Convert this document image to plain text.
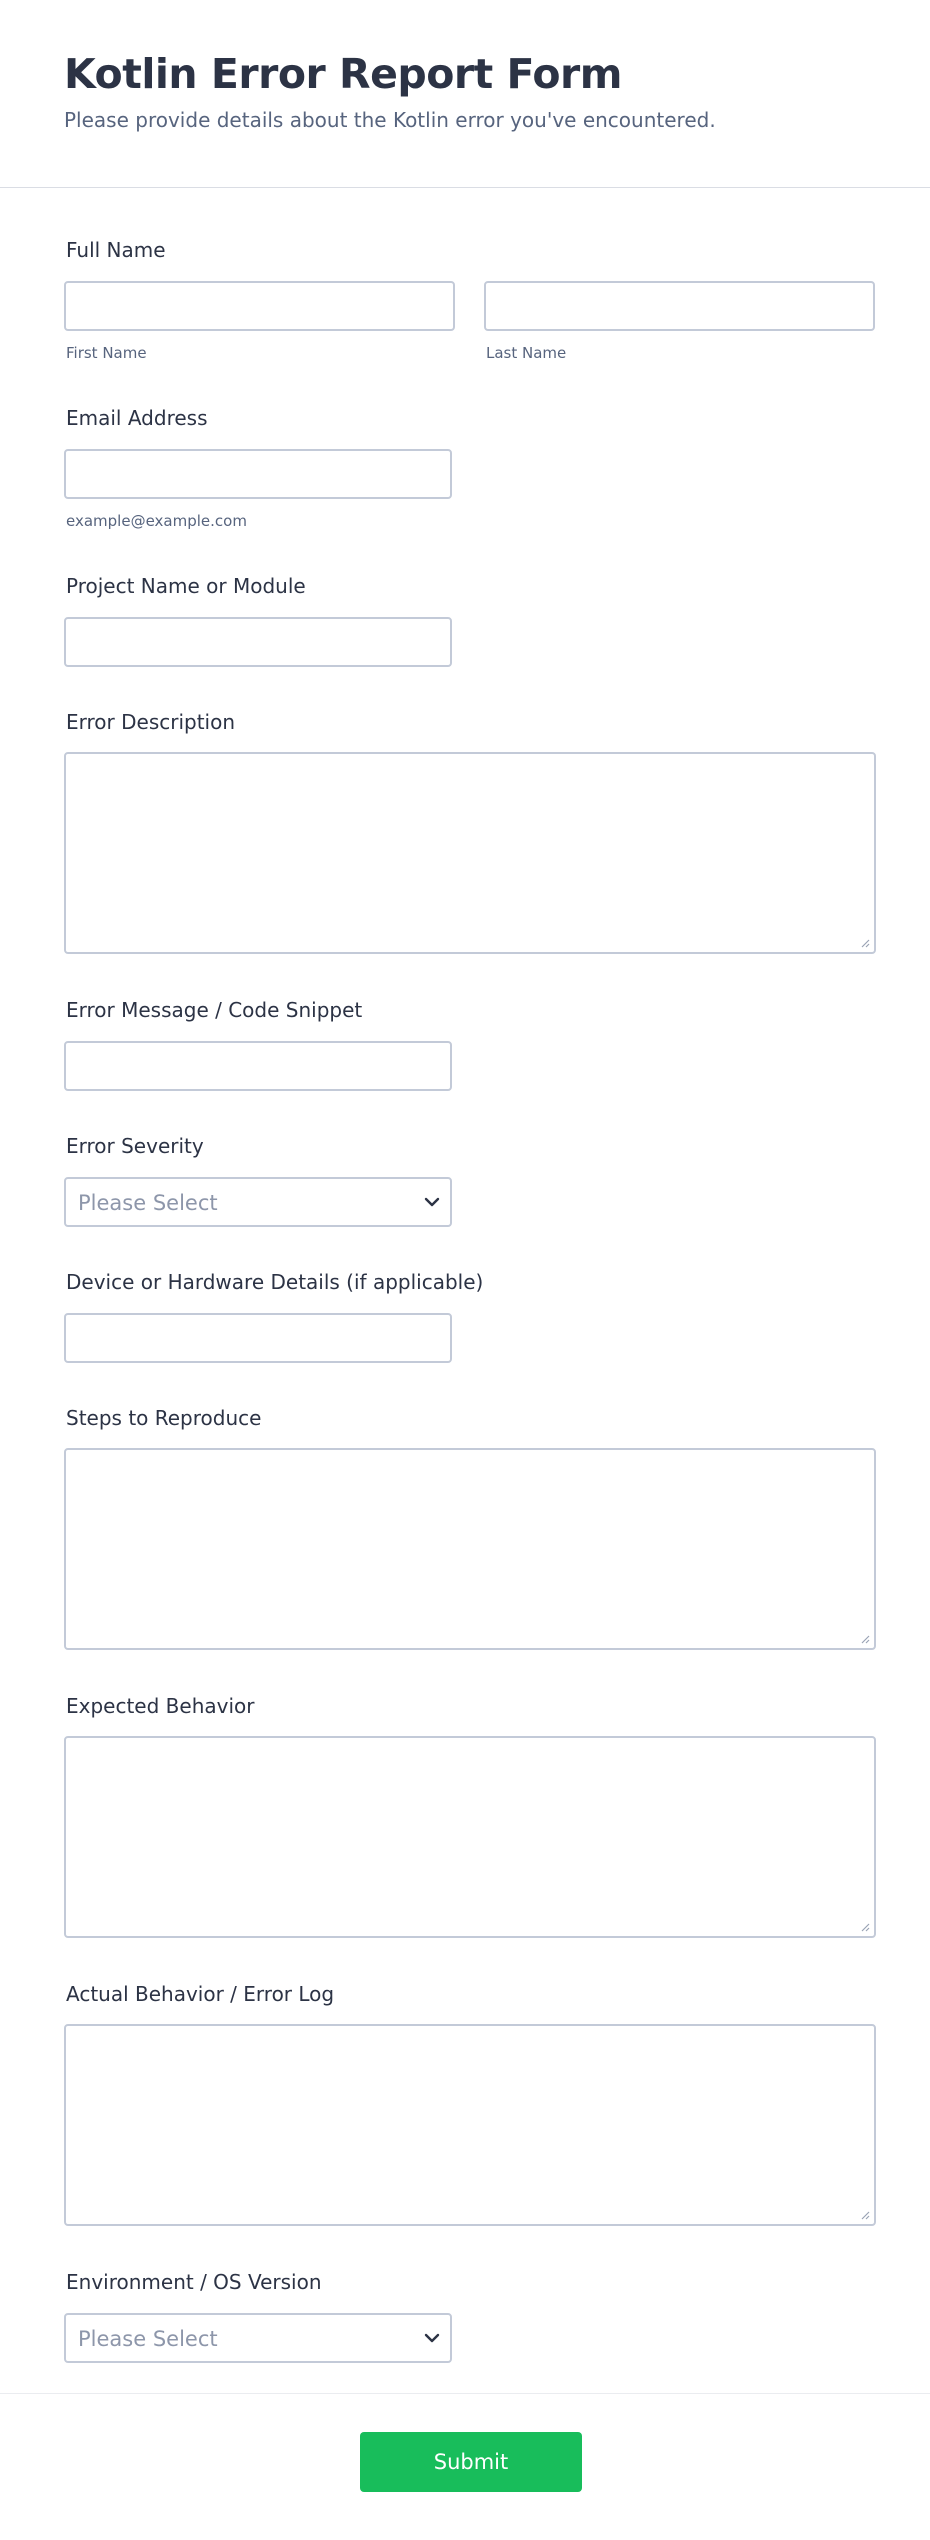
Kotlin Error Report Form
Please provide details about the Kotlin error you've encountered.
Full Name
First Name	Last Name
Email Address
example@example.com
Project Name or Module
Error Description
Error Message / Code Snippet
Error Severity
Please Select
Device or Hardware Details (if applicable)
Steps to Reproduce
Expected Behavior
Actual Behavior / Error Log
Environment / OS Version
Please Select
Submit
